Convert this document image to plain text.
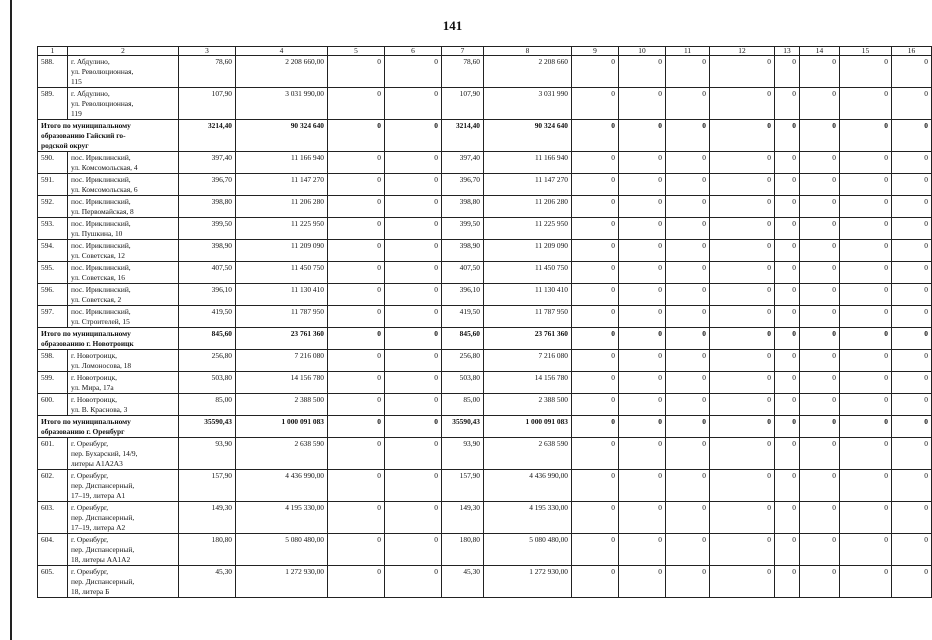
141
1	2	3	4	5	6	7	8	9	10	11	12	13	14	15	16
588.	г. Абдулино,
ул. Революционная,
115	78,60	2 208 660,00	0	0	78,60	2 208 660	0	0	0	0	0	0	0	0
589.	г. Абдулино,
ул. Революционная,
119	107,90	3 031 990,00	0	0	107,90	3 031 990	0	0	0	0	0	0	0	0
Итого по муниципальному
образованию Гайский го-
родской округ		3214,40	90 324 640	0	0	3214,40	90 324 640	0	0	0	0	0	0	0	0
590.	пос. Ириклинский,
ул. Комсомольская, 4	397,40	11 166 940	0	0	397,40	11 166 940	0	0	0	0	0	0	0	0
591.	пос. Ириклинский,
ул. Комсомольская, 6	396,70	11 147 270	0	0	396,70	11 147 270	0	0	0	0	0	0	0	0
592.	пос. Ириклинский,
ул. Первомайская, 8	398,80	11 206 280	0	0	398,80	11 206 280	0	0	0	0	0	0	0	0
593.	пос. Ириклинский,
ул. Пушкина, 10	399,50	11 225 950	0	0	399,50	11 225 950	0	0	0	0	0	0	0	0
594.	пос. Ириклинский,
ул. Советская, 12	398,90	11 209 090	0	0	398,90	11 209 090	0	0	0	0	0	0	0	0
595.	пос. Ириклинский,
ул. Советская, 16	407,50	11 450 750	0	0	407,50	11 450 750	0	0	0	0	0	0	0	0
596.	пос. Ириклинский,
ул. Советская, 2	396,10	11 130 410	0	0	396,10	11 130 410	0	0	0	0	0	0	0	0
597.	пос. Ириклинский,
ул. Строителей, 15	419,50	11 787 950	0	0	419,50	11 787 950	0	0	0	0	0	0	0	0
Итого по муниципальному
образованию г. Новотроицк		845,60	23 761 360	0	0	845,60	23 761 360	0	0	0	0	0	0	0	0
598.	г. Новотроицк,
ул. Ломоносова, 18	256,80	7 216 080	0	0	256,80	7 216 080	0	0	0	0	0	0	0	0
599.	г. Новотроицк,
ул. Мира, 17а	503,80	14 156 780	0	0	503,80	14 156 780	0	0	0	0	0	0	0	0
600.	г. Новотроицк,
ул. В. Краснова, 3	85,00	2 388 500	0	0	85,00	2 388 500	0	0	0	0	0	0	0	0
Итого по муниципальному
образованию г. Оренбург		35590,43	1 000 091 083	0	0	35590,43	1 000 091 083	0	0	0	0	0	0	0	0
601.	г. Оренбург,
пер. Бухарский, 14/9,
литеры А1А2А3	93,90	2 638 590	0	0	93,90	2 638 590	0	0	0	0	0	0	0	0
602.	г. Оренбург,
пер. Диспансерный,
17–19, литера А1	157,90	4 436 990,00	0	0	157,90	4 436 990,00	0	0	0	0	0	0	0	0
603.	г. Оренбург,
пер. Диспансерный,
17–19, литера А2	149,30	4 195 330,00	0	0	149,30	4 195 330,00	0	0	0	0	0	0	0	0
604.	г. Оренбург,
пер. Диспансерный,
18, литеры АА1А2	180,80	5 080 480,00	0	0	180,80	5 080 480,00	0	0	0	0	0	0	0	0
605.	г. Оренбург,
пер. Диспансерный,
18, литера Б	45,30	1 272 930,00	0	0	45,30	1 272 930,00	0	0	0	0	0	0	0	0
